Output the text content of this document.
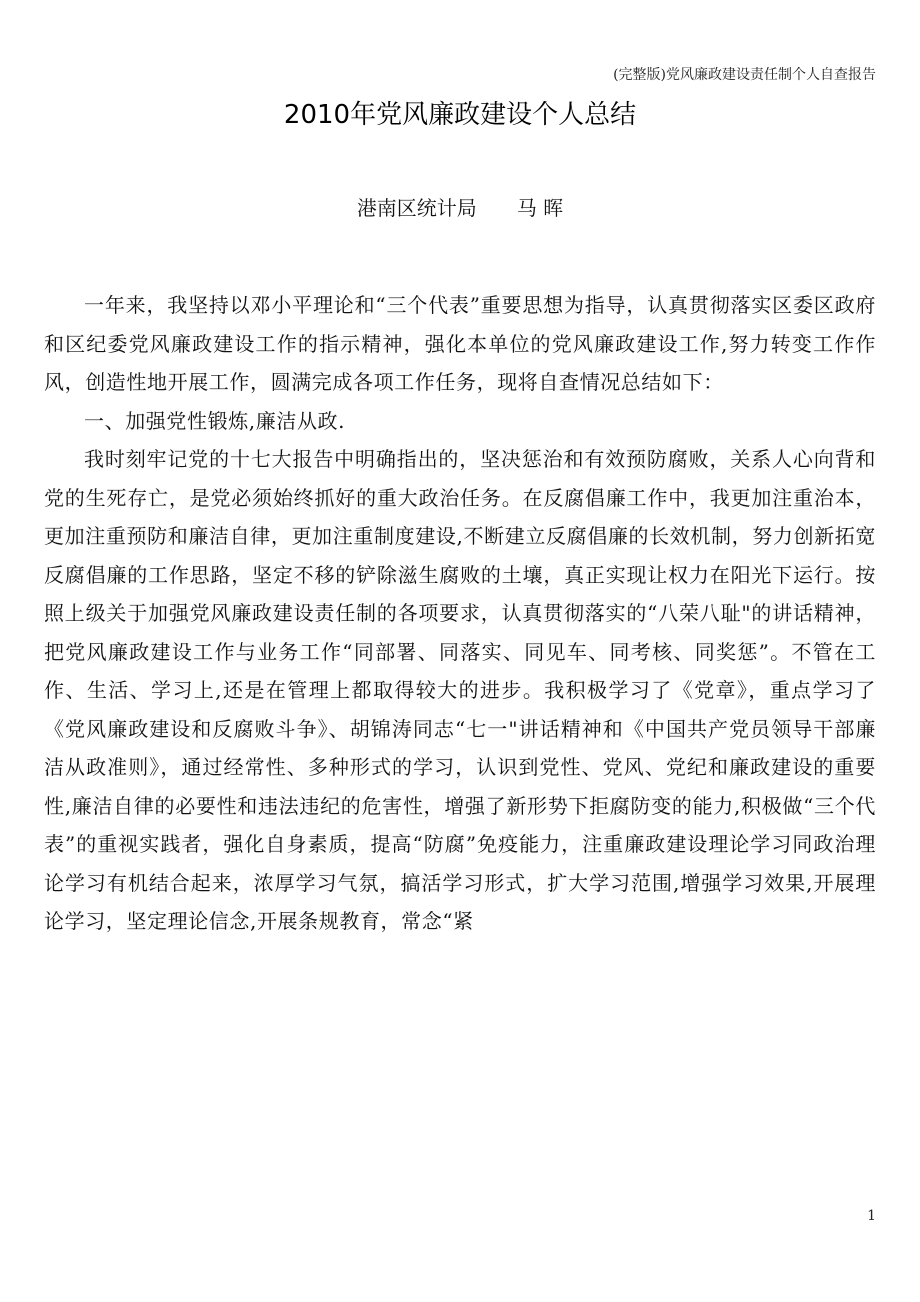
(完整版)党风廉政建设责任制个人自查报告
2010年党风廉政建设个人总结
港南区统计局 马 晖

一年来，我坚持以邓小平理论和“三个代表”重要思想为指导，认真贯彻落实区委区政府和区纪委党风廉政建设工作的指示精神，强化本单位的党风廉政建设工作,努力转变工作作风，创造性地开展工作，圆满完成各项工作任务，现将自查情况总结如下：

一、加强党性锻炼,廉洁从政.

我时刻牢记党的十七大报告中明确指出的，坚决惩治和有效预防腐败，关系人心向背和党的生死存亡，是党必须始终抓好的重大政治任务。在反腐倡廉工作中，我更加注重治本，更加注重预防和廉洁自律，更加注重制度建设,不断建立反腐倡廉的长效机制，努力创新拓宽反腐倡廉的工作思路，坚定不移的铲除滋生腐败的土壤，真正实现让权力在阳光下运行。按照上级关于加强党风廉政建设责任制的各项要求，认真贯彻落实的“八荣八耻"的讲话精神，把党风廉政建设工作与业务工作“同部署、同落实、同见车、同考核、同奖惩”。不管在工作、生活、学习上,还是在管理上都取得较大的进步。我积极学习了《党章》，重点学习了《党风廉政建设和反腐败斗争》、胡锦涛同志“七一"讲话精神和《中国共产党员领导干部廉洁从政准则》，通过经常性、多种形式的学习，认识到党性、党风、党纪和廉政建设的重要性,廉洁自律的必要性和违法违纪的危害性，增强了新形势下拒腐防变的能力,积极做“三个代表”的重视实践者，强化自身素质，提高“防腐”免疫能力，注重廉政建设理论学习同政治理论学习有机结合起来，浓厚学习气氛，搞活学习形式，扩大学习范围,增强学习效果,开展理论学习，坚定理论信念,开展条规教育，常念“紧

1
